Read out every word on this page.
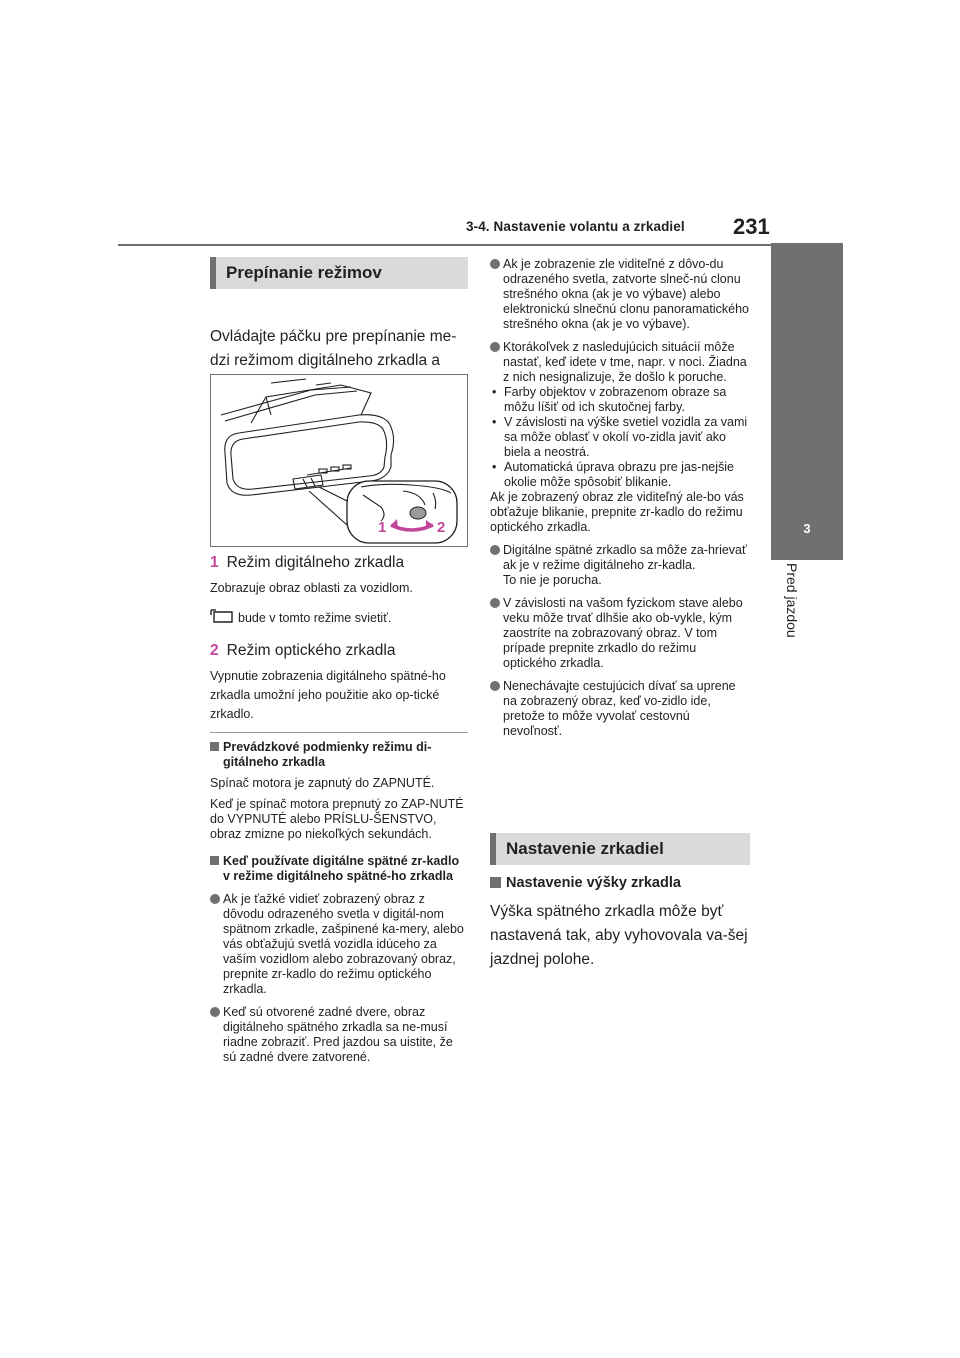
3-4. Nastavenie volantu a zrkadiel 231
3
Pred jazdou
Prepínanie režimov
Ovládajte páčku pre prepínanie me-dzi režimom digitálneho zrkadla a
1	2
1 Režim digitálneho zrkadla
Zobrazuje obraz oblasti za vozidlom.
bude v tomto režime svietiť.
2 Režim optického zrkadla
Vypnutie zobrazenia digitálneho spätné-ho zrkadla umožní jeho použitie ako op-tické zrkadlo.
Prevádzkové podmienky režimu di-gitálneho zrkadla
Spínač motora je zapnutý do ZAPNUTÉ.
Keď je spínač motora prepnutý zo ZAP-NUTÉ do VYPNUTÉ alebo PRÍSLU-ŠENSTVO, obraz zmizne po niekoľkých sekundách.
Keď používate digitálne spätné zr-kadlo v režime digitálneho spätné-ho zrkadla
Ak je ťažké vidieť zobrazený obraz z dôvodu odrazeného svetla v digitál-nom spätnom zrkadle, zašpinené ka-mery, alebo vás obťažujú svetlá vozidla idúceho za vaším vozidlom alebo zobrazovaný obraz, prepnite zr-kadlo do režimu optického zrkadla.
Keď sú otvorené zadné dvere, obraz digitálneho spätného zrkadla sa ne-musí riadne zobraziť. Pred jazdou sa uistite, že sú zadné dvere zatvorené.
Ak je zobrazenie zle viditeľné z dôvo-du odrazeného svetla, zatvorte slneč-nú clonu strešného okna (ak je vo výbave) alebo elektronickú slnečnú clonu panoramatického strešného okna (ak je vo výbave).
Ktorákoľvek z nasledujúcich situácií môže nastať, keď idete v tme, napr. v noci. Žiadna z nich nesignalizuje, že došlo k poruche.
• Farby objektov v zobrazenom obraze sa môžu líšiť od ich skutočnej farby.
• V závislosti na výške svetiel vozidla za vami sa môže oblasť v okolí vo-zidla javiť ako biela a neostrá.
• Automatická úprava obrazu pre jas-nejšie okolie môže spôsobiť blikanie.
Ak je zobrazený obraz zle viditeľný ale-bo vás obťažuje blikanie, prepnite zr-kadlo do režimu optického zrkadla.
Digitálne spätné zrkadlo sa môže za-hrievať ak je v režime digitálneho zr-kadla.
To nie je porucha.
V závislosti na vašom fyzickom stave alebo veku môže trvať dlhšie ako ob-vykle, kým zaostríte na zobrazovaný obraz. V tom prípade prepnite zrkadlo do režimu optického zrkadla.
Nenechávajte cestujúcich dívať sa uprene na zobrazený obraz, keď vo-zidlo ide, pretože to môže vyvolať cestovnú nevoľnosť.
Nastavenie zrkadiel
Nastavenie výšky zrkadla
Výška spätného zrkadla môže byť nastavená tak, aby vyhovovala va-šej jazdnej polohe.
